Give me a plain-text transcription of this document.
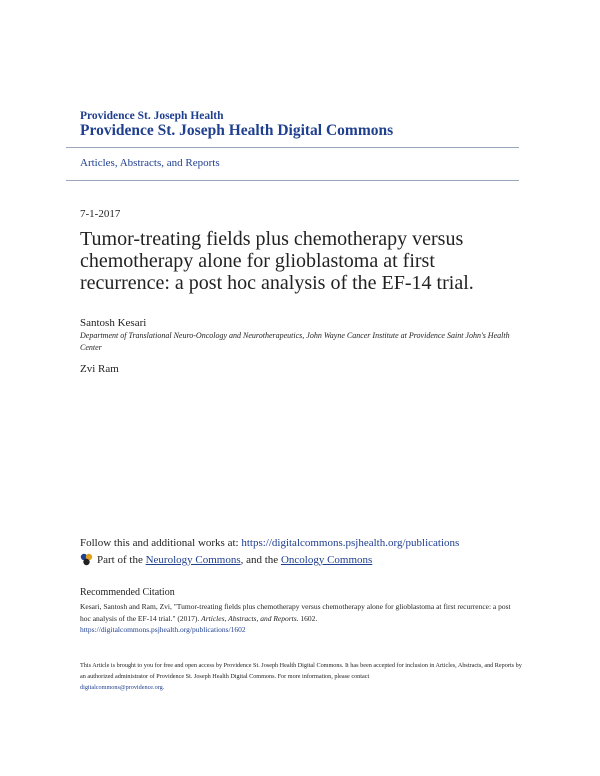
Providence St. Joseph Health
Providence St. Joseph Health Digital Commons
Articles, Abstracts, and Reports
7-1-2017
Tumor-treating fields plus chemotherapy versus chemotherapy alone for glioblastoma at first recurrence: a post hoc analysis of the EF-14 trial.
Santosh Kesari
Department of Translational Neuro-Oncology and Neurotherapeutics, John Wayne Cancer Institute at Providence Saint John's Health Center
Zvi Ram
Follow this and additional works at: https://digitalcommons.psjhealth.org/publications
Part of the
Neurology Commons , and the
Oncology Commons
Recommended Citation
Kesari, Santosh and Ram, Zvi, "Tumor-treating fields plus chemotherapy versus chemotherapy alone for glioblastoma at first recurrence: a post hoc analysis of the EF-14 trial." (2017). Articles, Abstracts, and Reports. 1602.
https://digitalcommons.psjhealth.org/publications/1602
This Article is brought to you for free and open access by Providence St. Joseph Health Digital Commons. It has been accepted for inclusion in Articles, Abstracts, and Reports by an authorized administrator of Providence St. Joseph Health Digital Commons. For more information, please contact
digitalcommons@providence.org.
